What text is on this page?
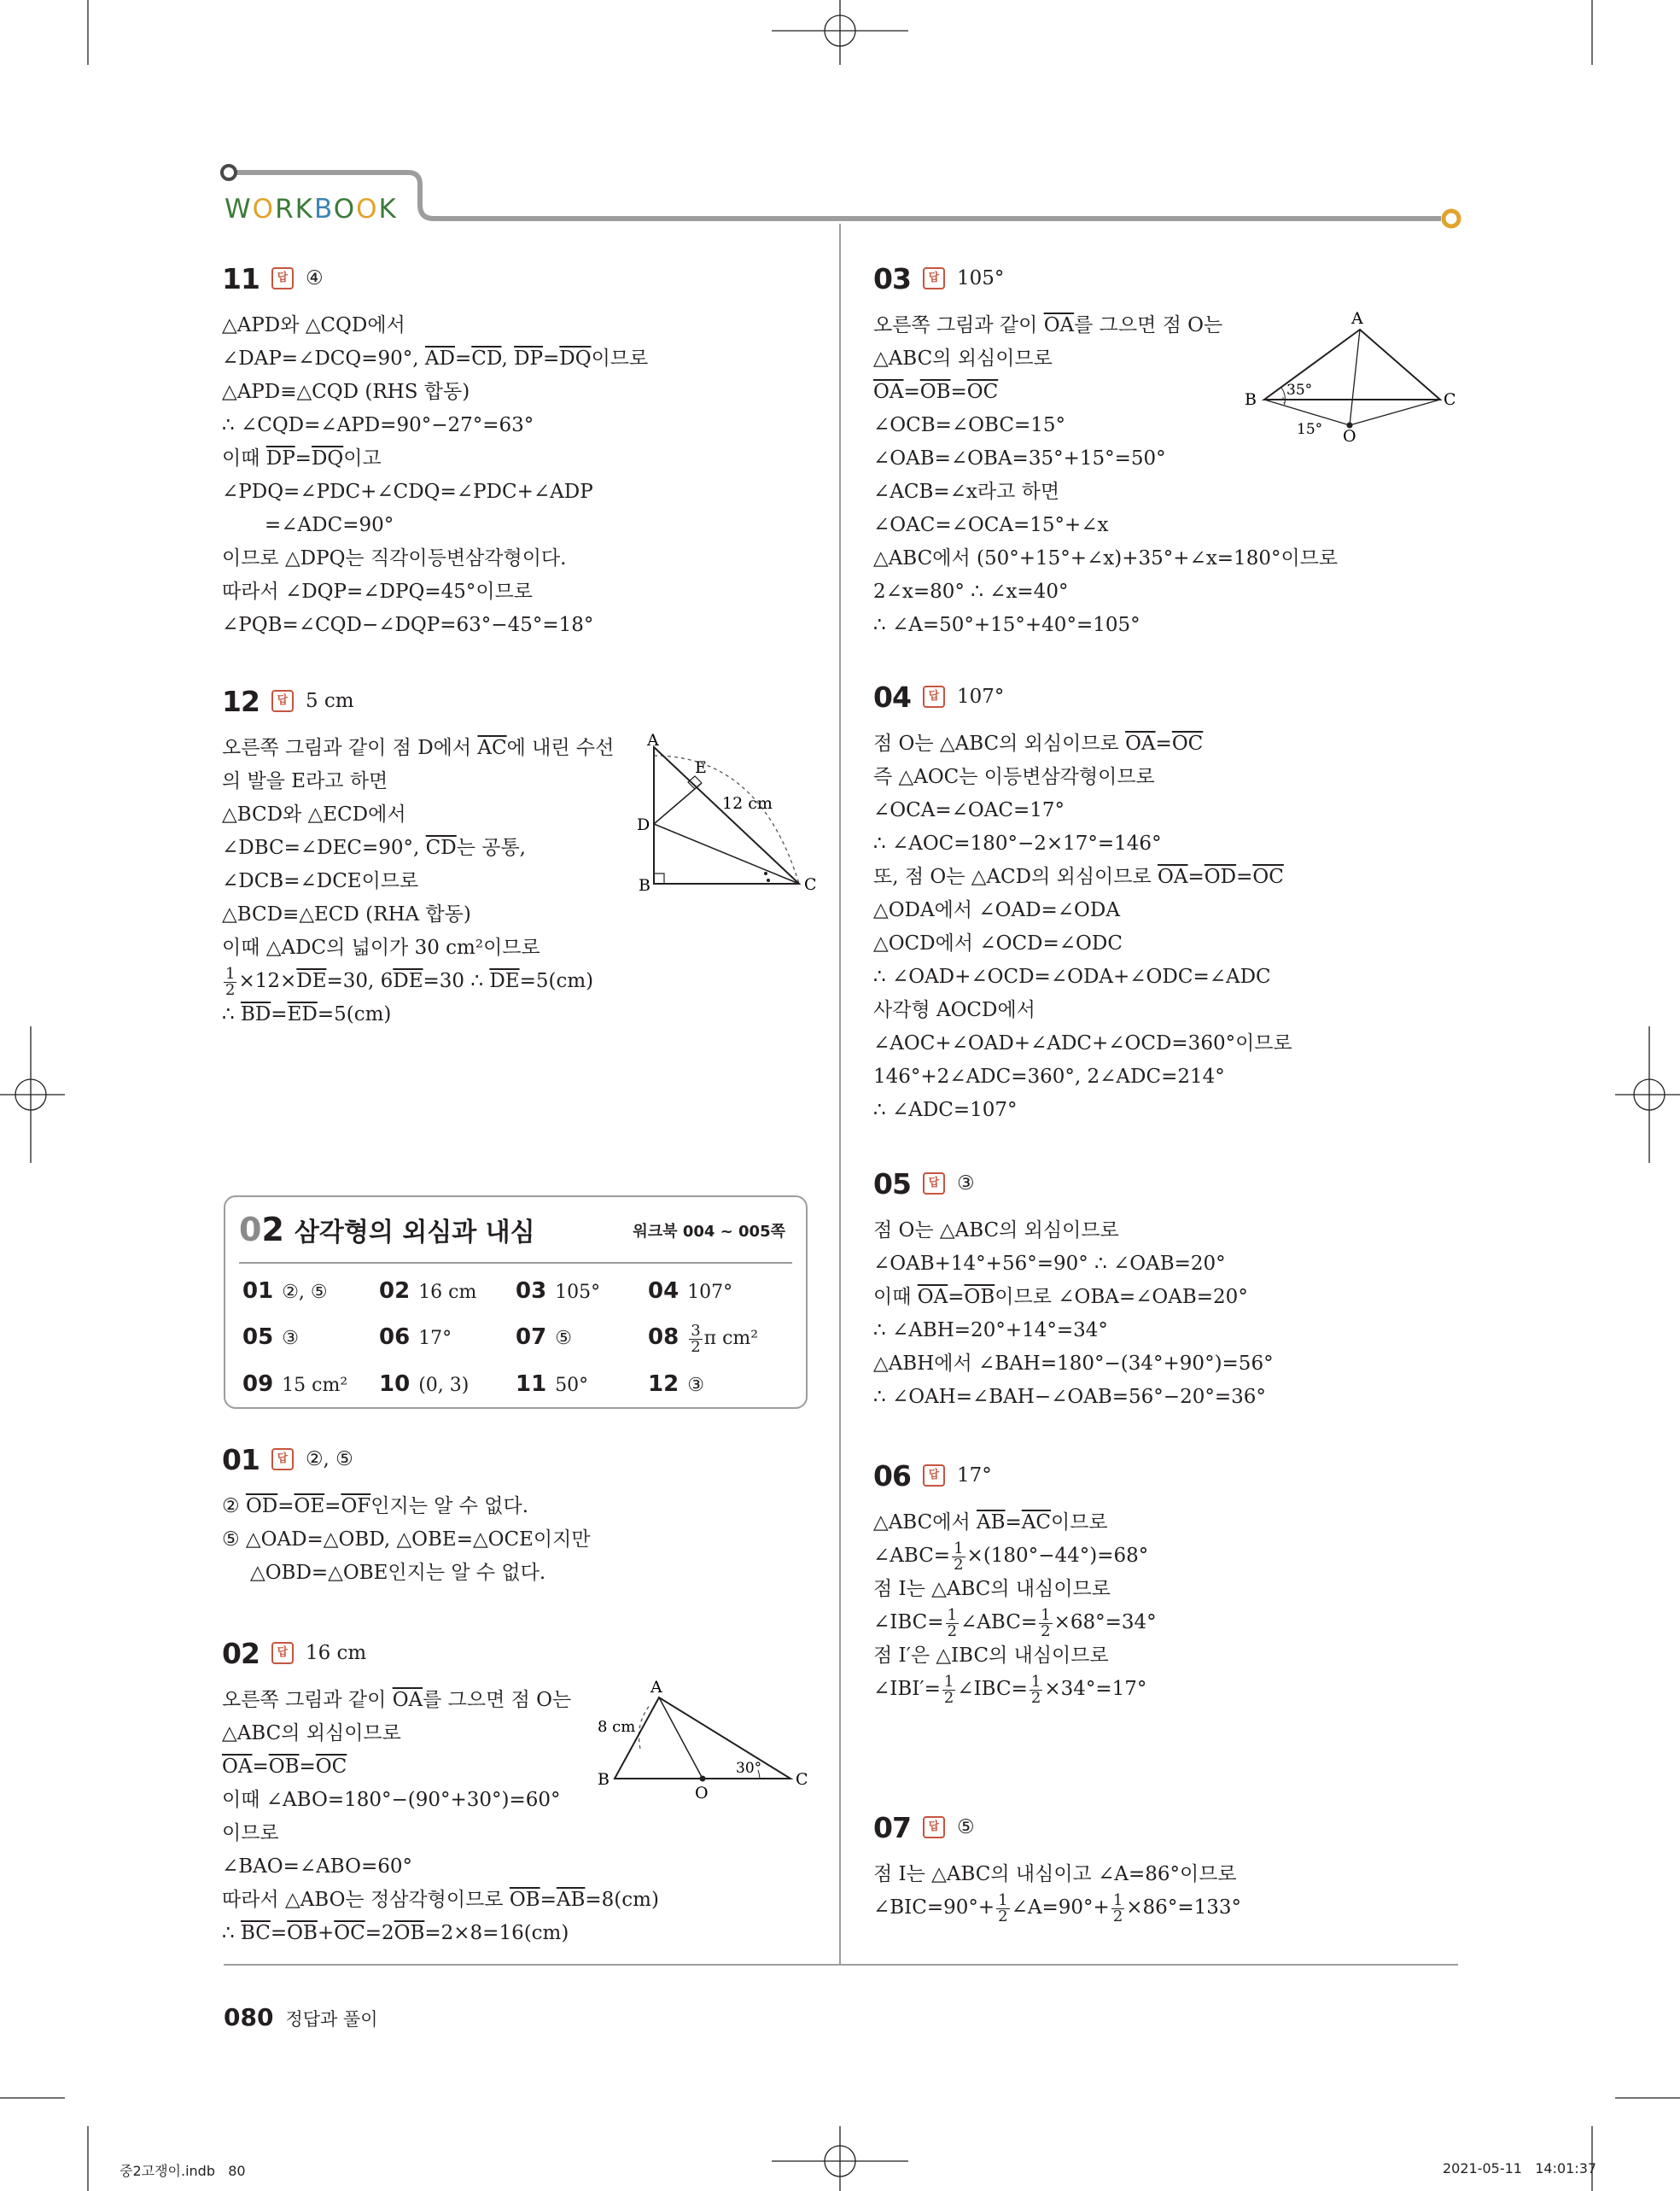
WORKBOOK
11	답 ④
△APD와 △CQD에서
∠DAP=∠DCQ=90°, $\overline{AD}=\overline{CD}$, $\overline{DP}=\overline{DQ}$이므로
△APD≡△CQD (RHS 합동)
∴ ∠CQD=∠APD=90°−27°=63°
이때 $\overline{DP}=\overline{DQ}$이고
∠PDQ=∠PDC+∠CDQ=∠PDC+∠ADP
=∠ADC=90°
이므로 △DPQ는 직각이등변삼각형이다.
따라서 ∠DQP=∠DPQ=45°이므로
∠PQB=∠CQD−∠DQP=63°−45°=18°
12	답 5 cm
오른쪽 그림과 같이 점 D에서 $\overline{AC}$에 내린 수선
의 발을 E라고 하면
△BCD와 △ECD에서
∠DBC=∠DEC=90°, $\overline{CD}$는 공통,
∠DCB=∠DCE이므로
△BCD≡△ECD (RHA 합동)
이때 △ADC의 넓이가 30 cm²이므로
$\frac{1}{2} \times 12\times\overline{DE}=30$, $6\overline{DE}=30$ ∴ $\overline{DE}=5(cm)$
∴ $\overline{BD}=\overline{ED}=5(cm)$
01	답 ②, ⑤
② $\overline{OD}=\overline{OE}=\overline{OF}$인지는 알 수 없다.
⑤ △OAD=△OBD, △OBE=△OCE이지만
△OBD=△OBE인지는 알 수 없다.
02	답 16 cm
오른쪽 그림과 같이 $\overline{OA}$를 그으면 점 O는
△ABC의 외심이므로
$\overline{OA}=\overline{OB}=\overline{OC}$
이때 ∠ABO=180°−(90°+30°)=60°
이므로
∠BAO=∠ABO=60°
따라서 △ABO는 정삼각형이므로 $\overline{OB}=\overline{AB}=8(cm)$
∴ $\overline{BC}=\overline{OB}+\overline{OC}=2\overline{OB}=2\times 8=16(cm)$
A
B	C
D
E
12 cm
A
B	C
O
8 cm
30°
02 삼각형의 외심과 내심	워크북 004 ~ 005쪽
01 ②, ⑤	02 16 cm	03 105°	04 107°
05 ③	06 17°	07 ⑤	$08 \frac{3}{2}$ π cm²
09 15 cm²	10 (0, 3)	11 50°	12 ③
03	답 105°
오른쪽 그림과 같이 $\overline{OA}$를 그으면 점 O는
△ABC의 외심이므로
$\overline{OA}=\overline{OB}=\overline{OC}$
∠OCB=∠OBC=15°
∠OAB=∠OBA=35°+15°=50°
∠ACB=∠x라고 하면
∠OAC=∠OCA=15°+∠x
△ABC에서 (50°+15°+∠x)+35°+∠x=180°이므로
2∠x=80° ∴ ∠x=40°
∴ ∠A=50°+15°+40°=105°
04	답 107°
점 O는 △ABC의 외심이므로 $\overline{OA}=\overline{OC}$
즉 △AOC는 이등변삼각형이므로
∠OCA=∠OAC=17°
∴ ∠AOC=180°−2×17°=146°
또, 점 O는 △ACD의 외심이므로 $\overline{OA}=\overline{OD}=\overline{OC}$
△ODA에서 ∠OAD=∠ODA
△OCD에서 ∠OCD=∠ODC
∴ ∠OAD+∠OCD=∠ODA+∠ODC=∠ADC
사각형 AOCD에서
∠AOC+∠OAD+∠ADC+∠OCD=360°이므로
146°+2∠ADC=360°, 2∠ADC=214°
∴ ∠ADC=107°
05	답 ③
점 O는 △ABC의 외심이므로
∠OAB+14°+56°=90° ∴ ∠OAB=20°
이때 $\overline{OA}=\overline{OB}$이므로 ∠OBA=∠OAB=20°
∴ ∠ABH=20°+14°=34°
△ABH에서 ∠BAH=180°−(34°+90°)=56°
∴ ∠OAH=∠BAH−∠OAB=56°−20°=36°
06	답 17°
△ABC에서 $\overline{AB}=\overline{AC}$이므로
∠ABC= $\frac{1}{2} \times(180^\circ-44^\circ)=68^\circ$
점 I는 △ABC의 내심이므로
∠IBC= $\frac{1}{2}$ ∠ABC= $\frac{1}{2} \times 68^\circ=34^\circ$
점 I′은 △IBC의 내심이므로
∠IBI′= $\frac{1}{2}$ ∠IBC= $\frac{1}{2} \times 34^\circ=17^\circ$
07	답 ⑤
점 I는 △ABC의 내심이고 ∠A=86°이므로
∠BIC=90°+ $\frac{1}{2}$ ∠A=90°+ $\frac{1}{2} \times 86^\circ=133^\circ$
A
B	C
O
35°
15°
080 정답과 풀이
중2고쟁이.indb   80	2021-05-11   14:01:37
